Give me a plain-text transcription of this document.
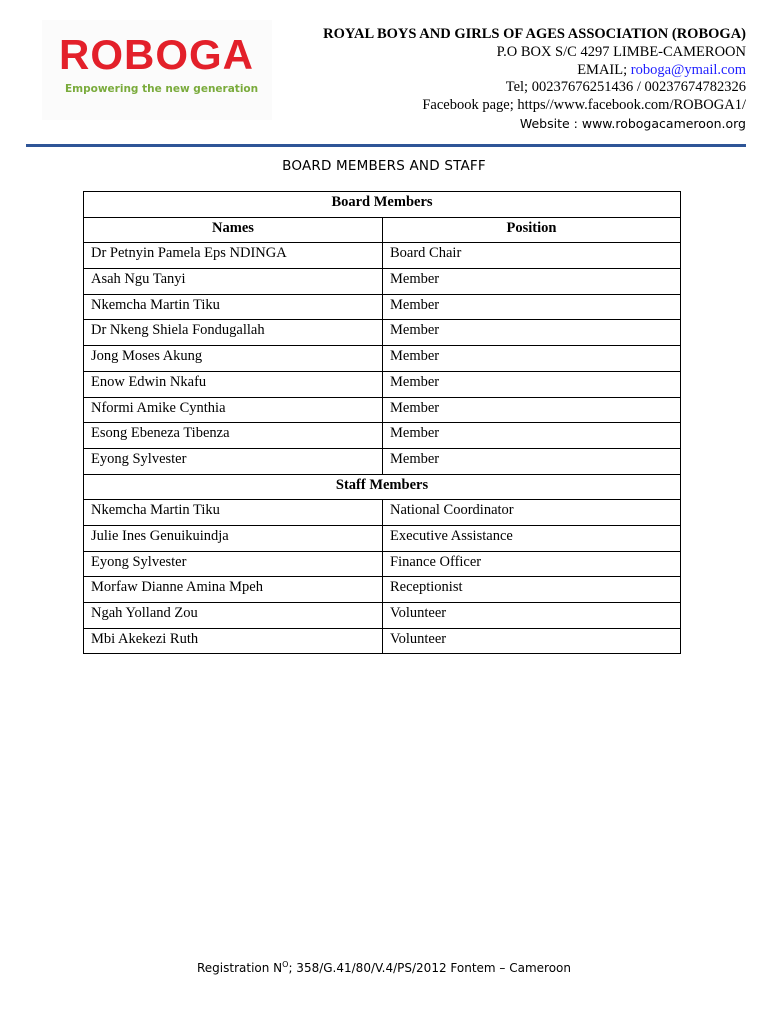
ROBOGA
Empowering the new generation
ROYAL BOYS AND GIRLS OF AGES ASSOCIATION (ROBOGA)
P.O BOX S/C 4297 LIMBE-CAMEROON
EMAIL; roboga@ymail.com
Tel; 00237676251436 / 00237674782326
Facebook page; https//www.facebook.com/ROBOGA1/
Website : www.robogacameroon.org
BOARD MEMBERS AND STAFF
Board Members	
Names	Position
Dr Petnyin Pamela Eps NDINGA	Board Chair
Asah Ngu Tanyi	Member
Nkemcha Martin Tiku	Member
Dr Nkeng Shiela Fondugallah	Member
Jong Moses Akung	Member
Enow Edwin Nkafu	Member
Nformi Amike Cynthia	Member
Esong Ebeneza Tibenza	Member
Eyong Sylvester	Member
Staff Members	
Nkemcha Martin Tiku	National Coordinator
Julie Ines Genuikuindja	Executive Assistance
Eyong Sylvester	Finance Officer
Morfaw Dianne Amina Mpeh	Receptionist
Ngah Yolland Zou	Volunteer
Mbi Akekezi Ruth	Volunteer
Registration $N^O$; 358/G.41/80/V.4/PS/2012 Fontem – Cameroon
